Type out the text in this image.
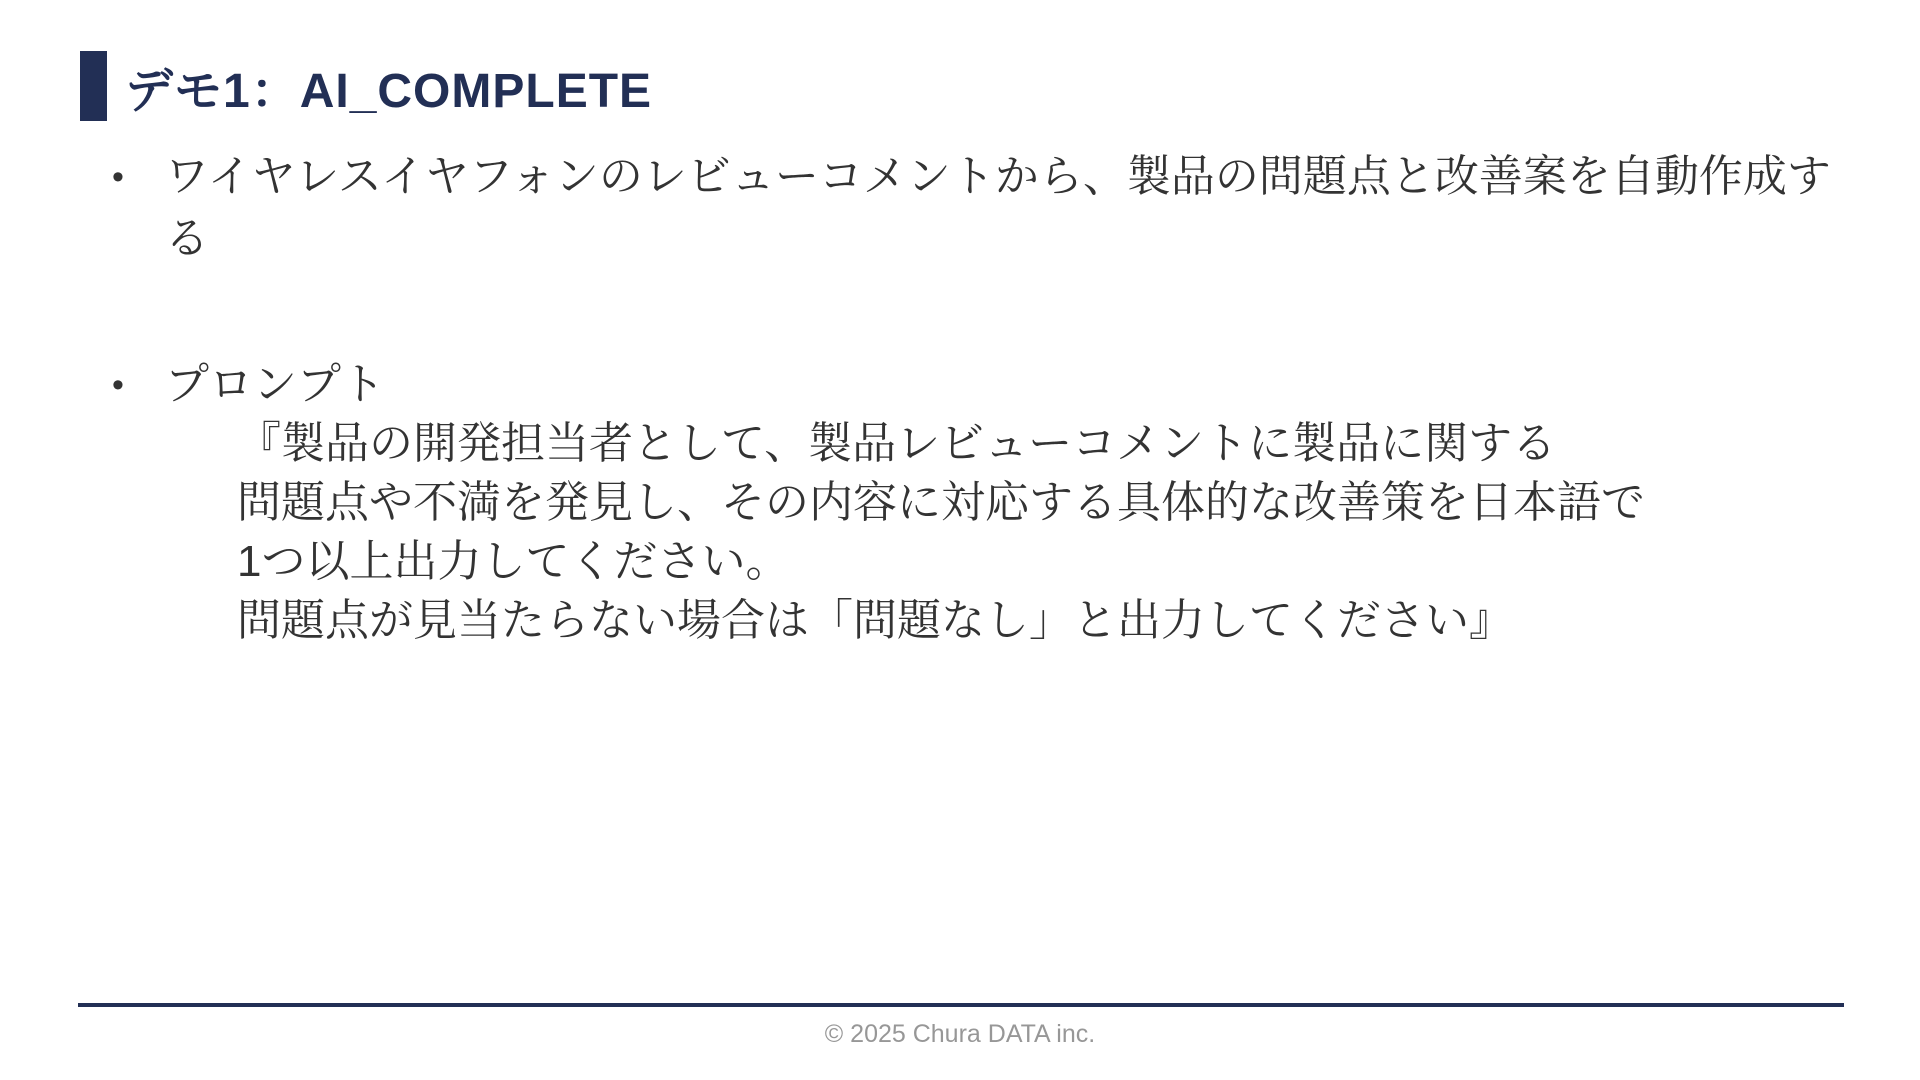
デモ1：AI_COMPLETE
• ワイヤレスイヤフォンのレビューコメントから、製品の問題点と改善案を自動作成す
る
• プロンプト
『製品の開発担当者として、製品レビューコメントに製品に関する
問題点や不満を発見し、その内容に対応する具体的な改善策を日本語で
1つ以上出力してください。
問題点が見当たらない場合は「問題なし」と出力してください』
© 2025 Chura DATA inc.
